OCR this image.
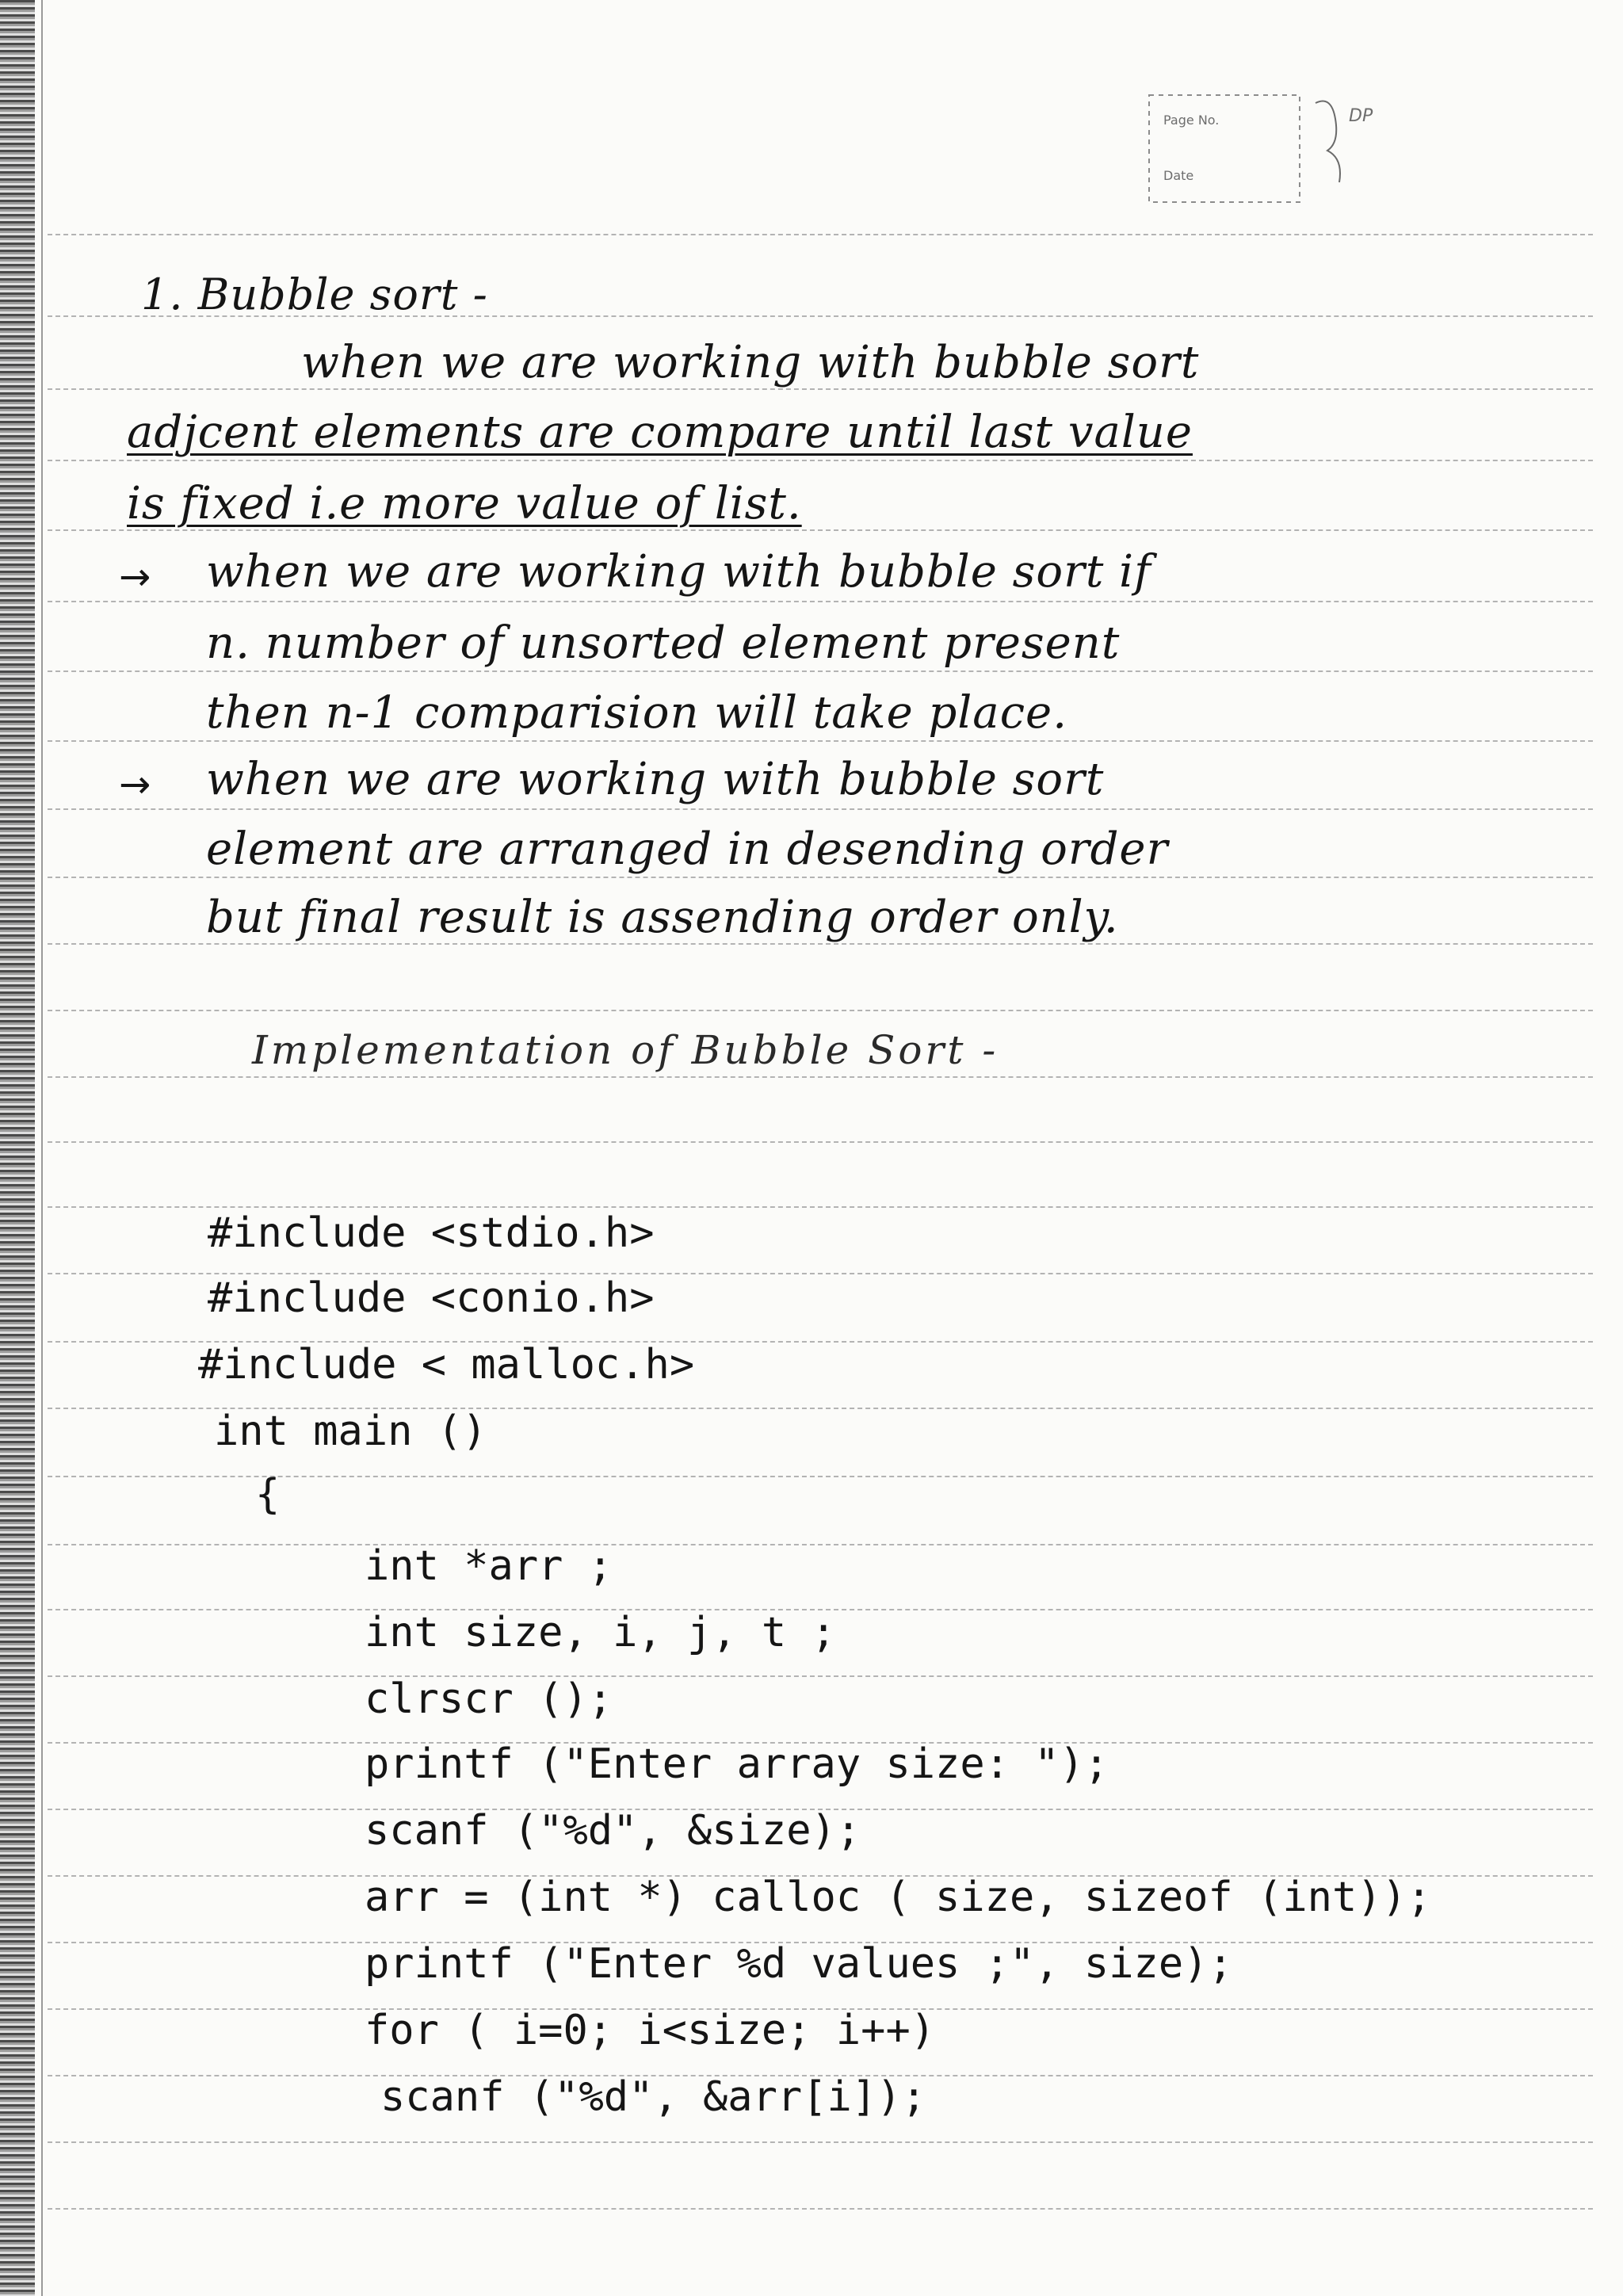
Page No.
Date
DP
1. Bubble sort -
when we are working with bubble sort
adjcent elements are compare until last value
is fixed i.e more value of list.
→ when we are working with bubble sort if
n. number of unsorted element present
then n-1 comparision will take place.
→ when we are working with bubble sort
element are arranged in desending order
but final result is assending order only.
Implementation of Bubble Sort -
#include <stdio.h>
#include <conio.h>
#include < malloc.h>
int main ()
{
int *arr ;
int size, i, j, t ;
clrscr ();
printf ("Enter array size: ");
scanf ("%d", &size);
arr = (int *) calloc ( size, sizeof (int));
printf ("Enter %d values ;", size);
for ( i=0; i<size; i++)
scanf ("%d", &arr[i]);
